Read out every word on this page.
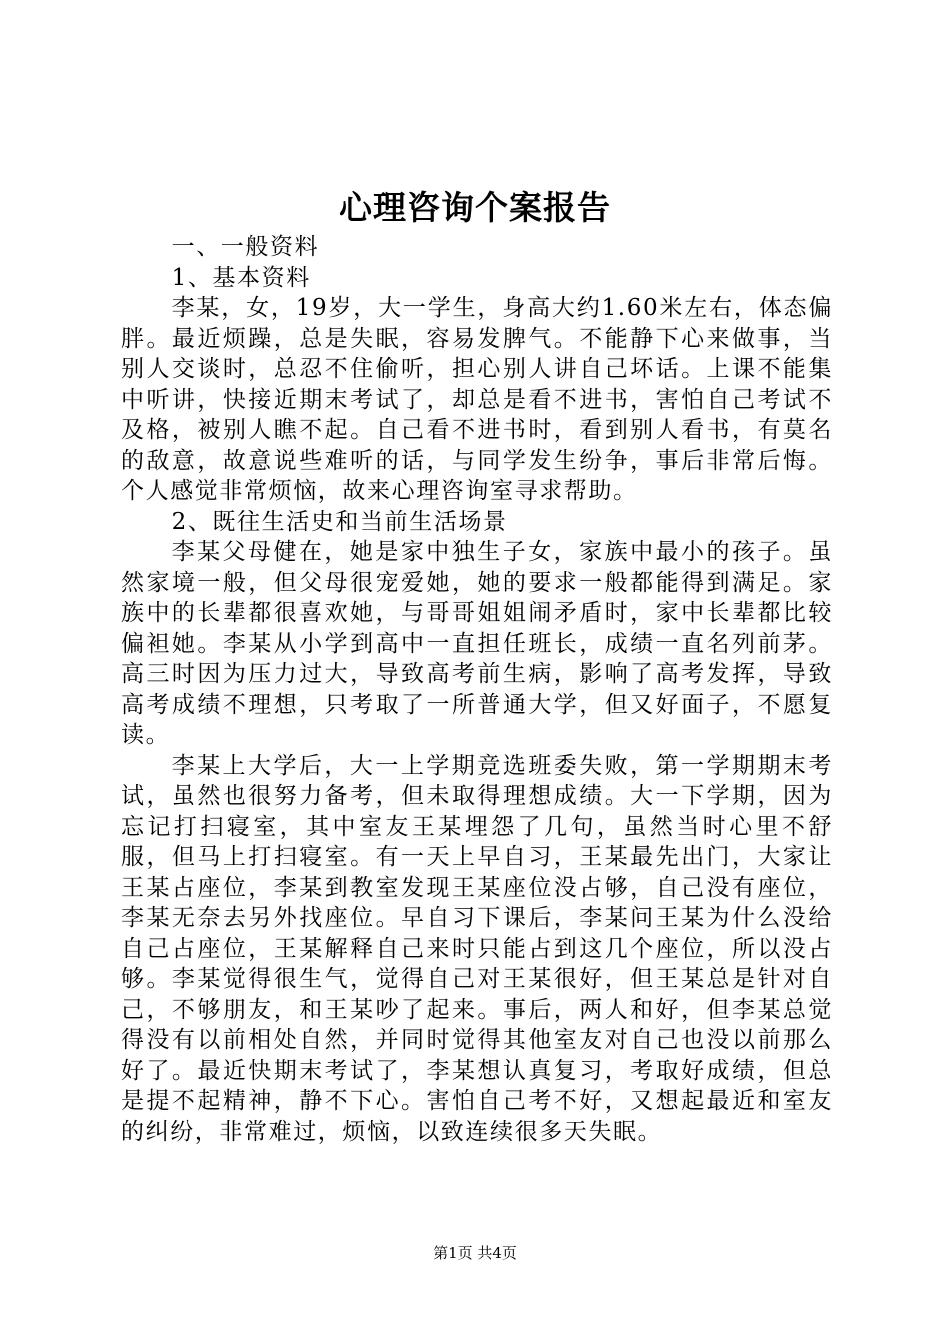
心理咨询个案报告

一、一般资料

1、基本资料

李某，女，19岁，大一学生，身高大约1.60米左右，体态偏胖。最近烦躁，总是失眠，容易发脾气。不能静下心来做事，当别人交谈时，总忍不住偷听，担心别人讲自己坏话。上课不能集中听讲，快接近期末考试了，却总是看不进书，害怕自己考试不及格，被别人瞧不起。自己看不进书时，看到别人看书，有莫名的敌意，故意说些难听的话，与同学发生纷争，事后非常后悔。个人感觉非常烦恼，故来心理咨询室寻求帮助。

2、既往生活史和当前生活场景

李某父母健在，她是家中独生子女，家族中最小的孩子。虽然家境一般，但父母很宠爱她，她的要求一般都能得到满足。家族中的长辈都很喜欢她，与哥哥姐姐闹矛盾时，家中长辈都比较偏袒她。李某从小学到高中一直担任班长，成绩一直名列前茅。高三时因为压力过大，导致高考前生病，影响了高考发挥，导致高考成绩不理想，只考取了一所普通大学，但又好面子，不愿复读。

李某上大学后，大一上学期竞选班委失败，第一学期期末考试，虽然也很努力备考，但未取得理想成绩。大一下学期，因为忘记打扫寝室，其中室友王某埋怨了几句，虽然当时心里不舒服，但马上打扫寝室。有一天上早自习，王某最先出门，大家让王某占座位，李某到教室发现王某座位没占够，自己没有座位，李某无奈去另外找座位。早自习下课后，李某问王某为什么没给自己占座位，王某解释自己来时只能占到这几个座位，所以没占够。李某觉得很生气，觉得自己对王某很好，但王某总是针对自己，不够朋友，和王某吵了起来。事后，两人和好，但李某总觉得没有以前相处自然，并同时觉得其他室友对自己也没以前那么好了。最近快期末考试了，李某想认真复习，考取好成绩，但总是提不起精神，静不下心。害怕自己考不好，又想起最近和室友的纠纷，非常难过，烦恼，以致连续很多天失眠。

第1页 共4页
